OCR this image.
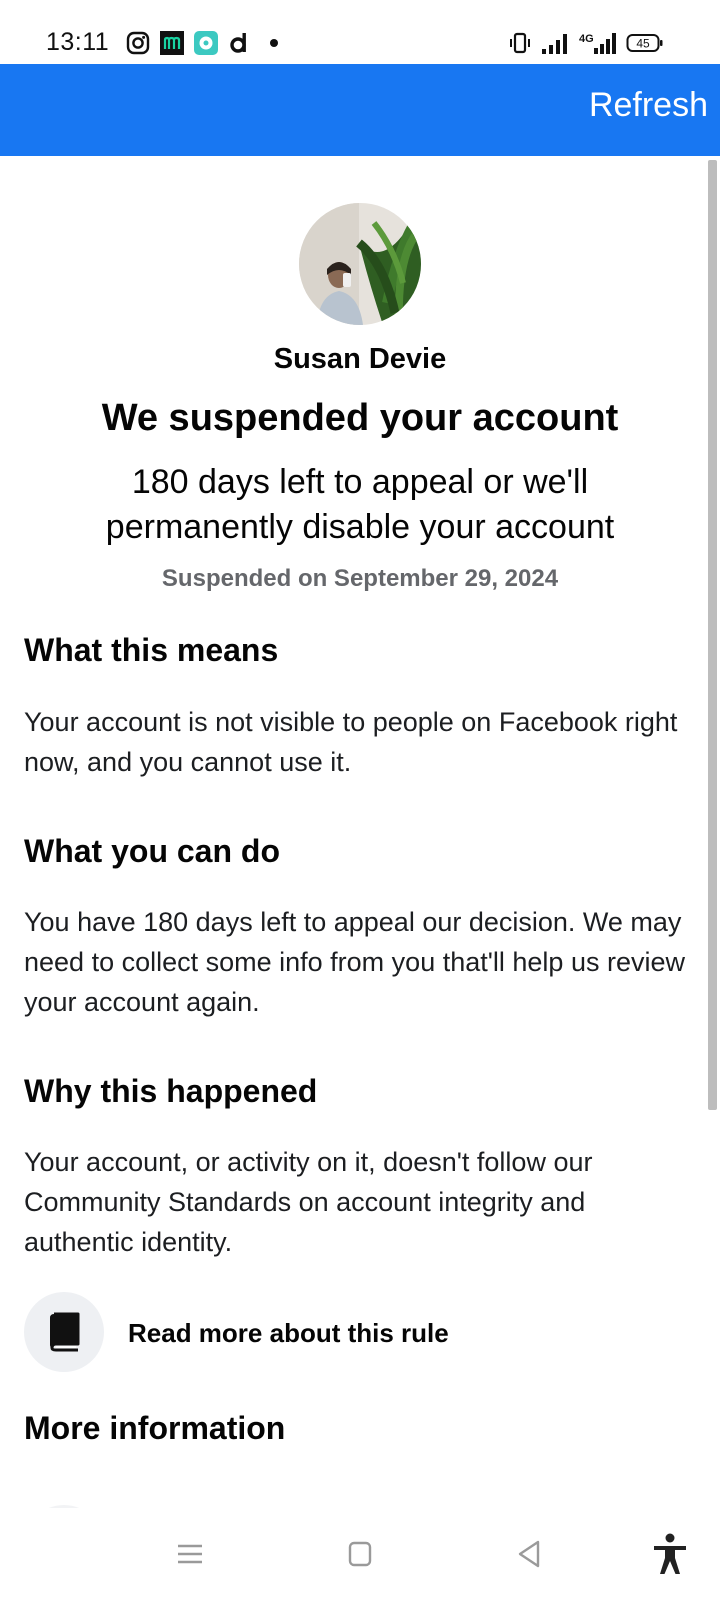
13:11	4G	45
Refresh
Susan Devie
We suspended your account
180 days left to appeal or we'll permanently disable your account
Suspended on September 29, 2024
What this means
Your account is not visible to people on Facebook right now, and you cannot use it.
What you can do
You have 180 days left to appeal our decision. We may need to collect some info from you that'll help us review your account again.
Why this happened
Your account, or activity on it, doesn't follow our Community Standards on account integrity and authentic identity.
Read more about this rule
More information
